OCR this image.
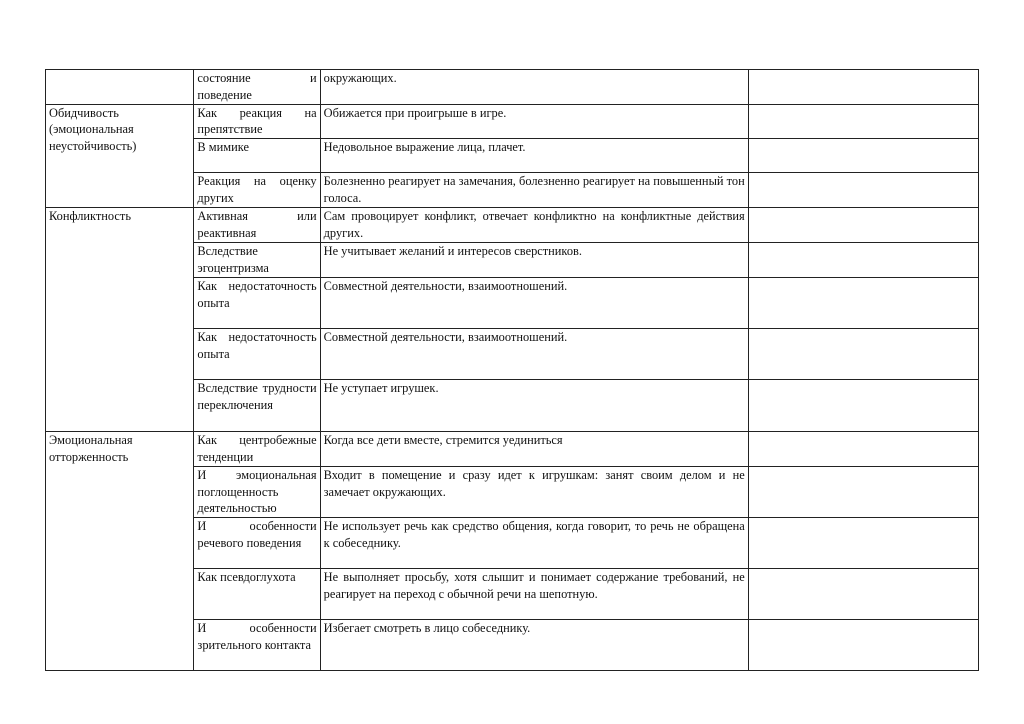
	состояние и поведение	окружающих.	
Обидчивость (эмоциональная неустойчивость)	Как реакция на препятствие	Обижается при проигрыше в игре.	
	В мимике	Недовольное выражение лица, плачет.	
	Реакция на оценку других	Болезненно реагирует на замечания, болезненно реагирует на повышенный тон голоса.	
Конфликтность	Активная или реактивная	Сам провоцирует конфликт, отвечает конфликтно на конфликтные действия других.	
	Вследствие эгоцентризма	Не учитывает желаний и интересов сверстников.	
	Как недостаточность опыта	Совместной деятельности, взаимоотношений.	
	Как недостаточность опыта	Совместной деятельности, взаимоотношений.	
	Вследствие трудности переключения	Не уступает игрушек.	
Эмоциональная отторженность	Как центробежные тенденции	Когда все дети вместе, стремится уединиться	
	И эмоциональная поглощенность деятельностью	Входит в помещение и сразу идет к игрушкам: занят своим делом и не замечает окружающих.	
	И особенности речевого поведения	Не использует речь как средство общения, когда говорит, то речь не обращена к собеседнику.	
	Как псевдоглухота	Не выполняет просьбу, хотя слышит и понимает содержание требований, не реагирует на переход с обычной речи на шепотную.	
	И особенности зрительного контакта	Избегает смотреть в лицо собеседнику.	
